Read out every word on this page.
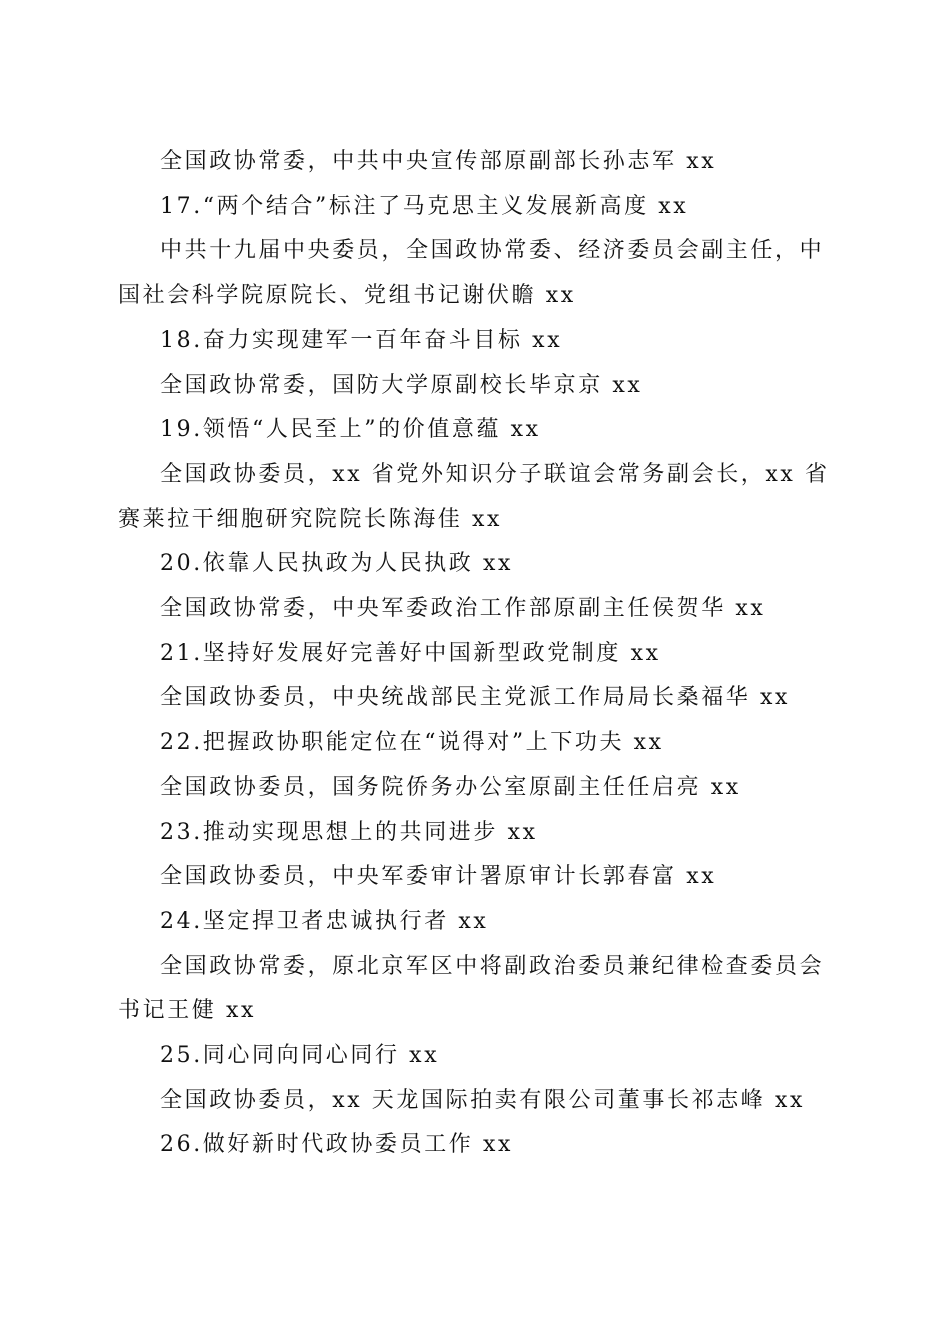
全国政协常委，中共中央宣传部原副部长孙志军 xx

17.“两个结合”标注了马克思主义发展新高度 xx

中共十九届中央委员，全国政协常委、经济委员会副主任，中国社会科学院原院长、党组书记谢伏瞻 xx

18.奋力实现建军一百年奋斗目标 xx

全国政协常委，国防大学原副校长毕京京 xx

19.领悟“人民至上”的价值意蕴 xx

全国政协委员，xx 省党外知识分子联谊会常务副会长，xx 省赛莱拉干细胞研究院院长陈海佳 xx

20.依靠人民执政为人民执政 xx

全国政协常委，中央军委政治工作部原副主任侯贺华 xx

21.坚持好发展好完善好中国新型政党制度 xx

全国政协委员，中央统战部民主党派工作局局长桑福华 xx

22.把握政协职能定位在“说得对”上下功夫 xx

全国政协委员，国务院侨务办公室原副主任任启亮 xx

23.推动实现思想上的共同进步 xx

全国政协委员，中央军委审计署原审计长郭春富 xx

24.坚定捍卫者忠诚执行者 xx

全国政协常委，原北京军区中将副政治委员兼纪律检查委员会书记王健 xx

25.同心同向同心同行 xx

全国政协委员，xx 天龙国际拍卖有限公司董事长祁志峰 xx

26.做好新时代政协委员工作 xx
